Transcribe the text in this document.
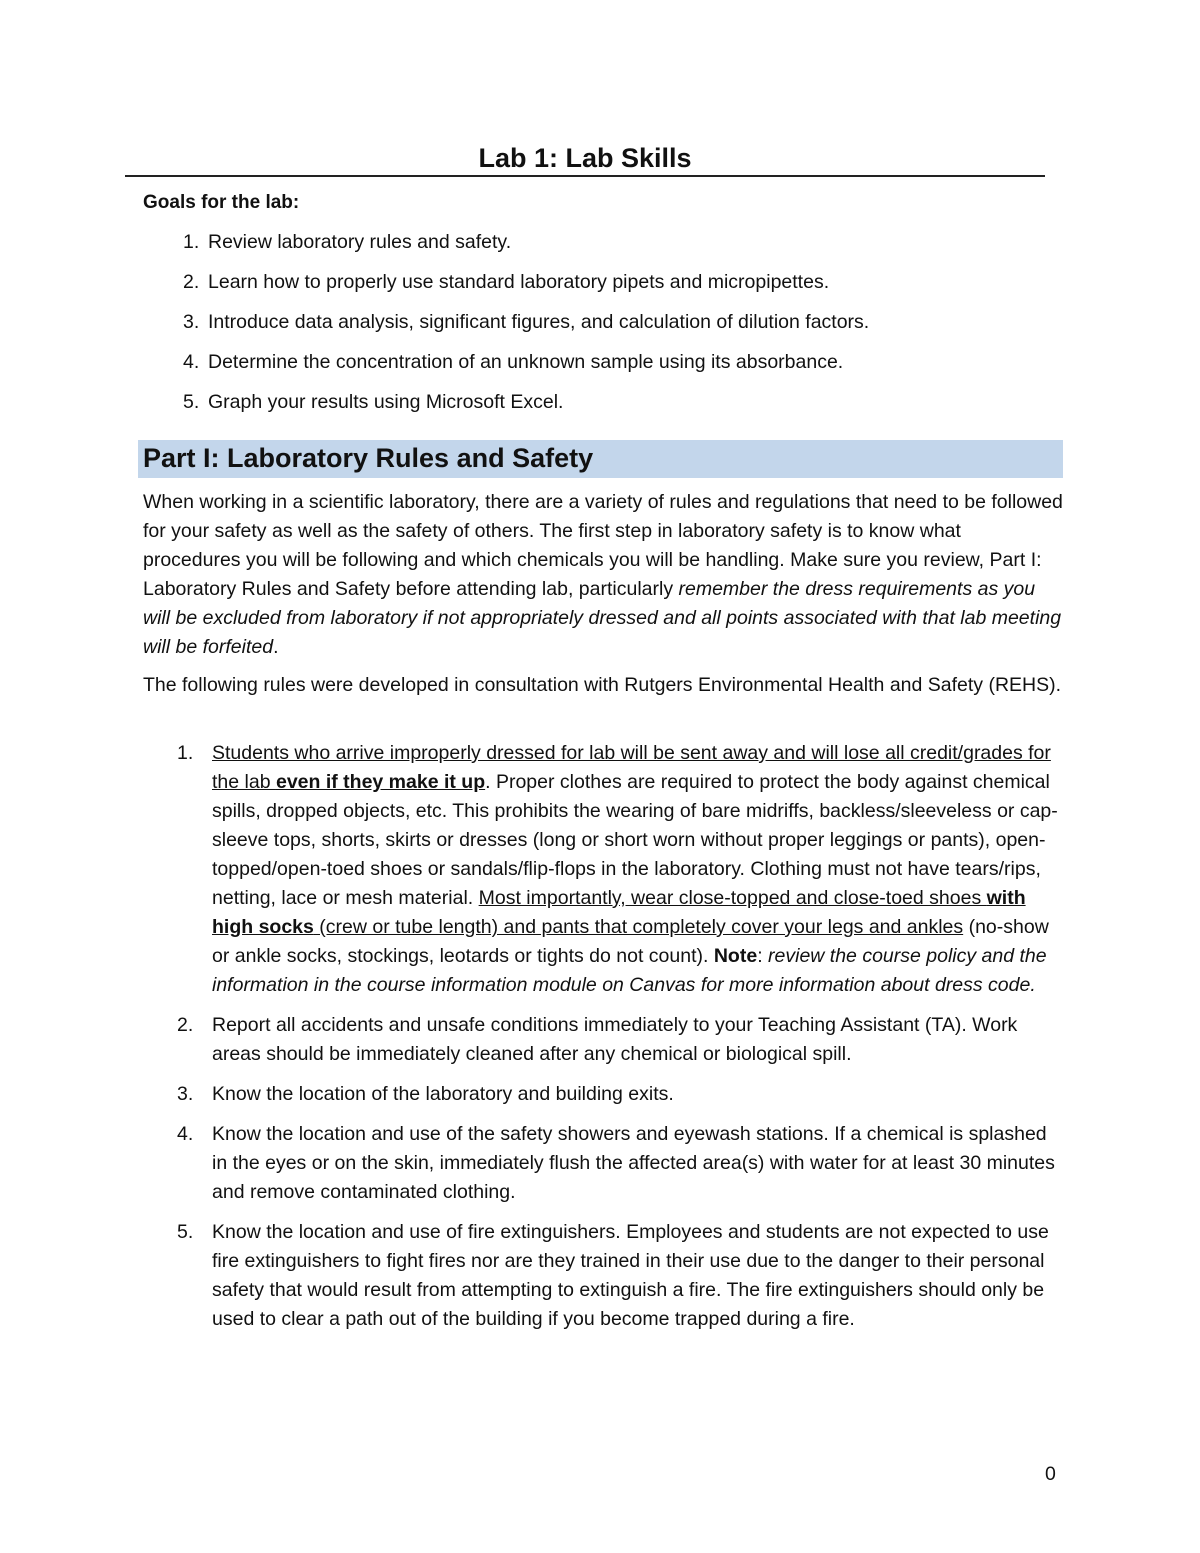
Lab 1: Lab Skills
Goals for the lab:
1. Review laboratory rules and safety.
2. Learn how to properly use standard laboratory pipets and micropipettes.
3. Introduce data analysis, significant figures, and calculation of dilution factors.
4. Determine the concentration of an unknown sample using its absorbance.
5. Graph your results using Microsoft Excel.
Part I: Laboratory Rules and Safety

When working in a scientific laboratory, there are a variety of rules and regulations that need to be followed for your safety as well as the safety of others. The first step in laboratory safety is to know what procedures you will be following and which chemicals you will be handling. Make sure you review, Part I: Laboratory Rules and Safety before attending lab, particularly remember the dress requirements as you will be excluded from laboratory if not appropriately dressed and all points associated with that lab meeting will be forfeited.

The following rules were developed in consultation with Rutgers Environmental Health and Safety (REHS).

1. Students who arrive improperly dressed for lab will be sent away and will lose all credit/grades for the lab even if they make it up. Proper clothes are required to protect the body against chemical spills, dropped objects, etc. This prohibits the wearing of bare midriffs, backless/sleeveless or cap-sleeve tops, shorts, skirts or dresses (long or short worn without proper leggings or pants), open-topped/open-toed shoes or sandals/flip-flops in the laboratory. Clothing must not have tears/rips, netting, lace or mesh material. Most importantly, wear close-topped and close-toed shoes with high socks (crew or tube length) and pants that completely cover your legs and ankles (no-show or ankle socks, stockings, leotards or tights do not count). Note: review the course policy and the information in the course information module on Canvas for more information about dress code.
2. Report all accidents and unsafe conditions immediately to your Teaching Assistant (TA). Work areas should be immediately cleaned after any chemical or biological spill.
3. Know the location of the laboratory and building exits.
4. Know the location and use of the safety showers and eyewash stations. If a chemical is splashed in the eyes or on the skin, immediately flush the affected area(s) with water for at least 30 minutes and remove contaminated clothing.
5. Know the location and use of fire extinguishers. Employees and students are not expected to use fire extinguishers to fight fires nor are they trained in their use due to the danger to their personal safety that would result from attempting to extinguish a fire. The fire extinguishers should only be used to clear a path out of the building if you become trapped during a fire.
0
